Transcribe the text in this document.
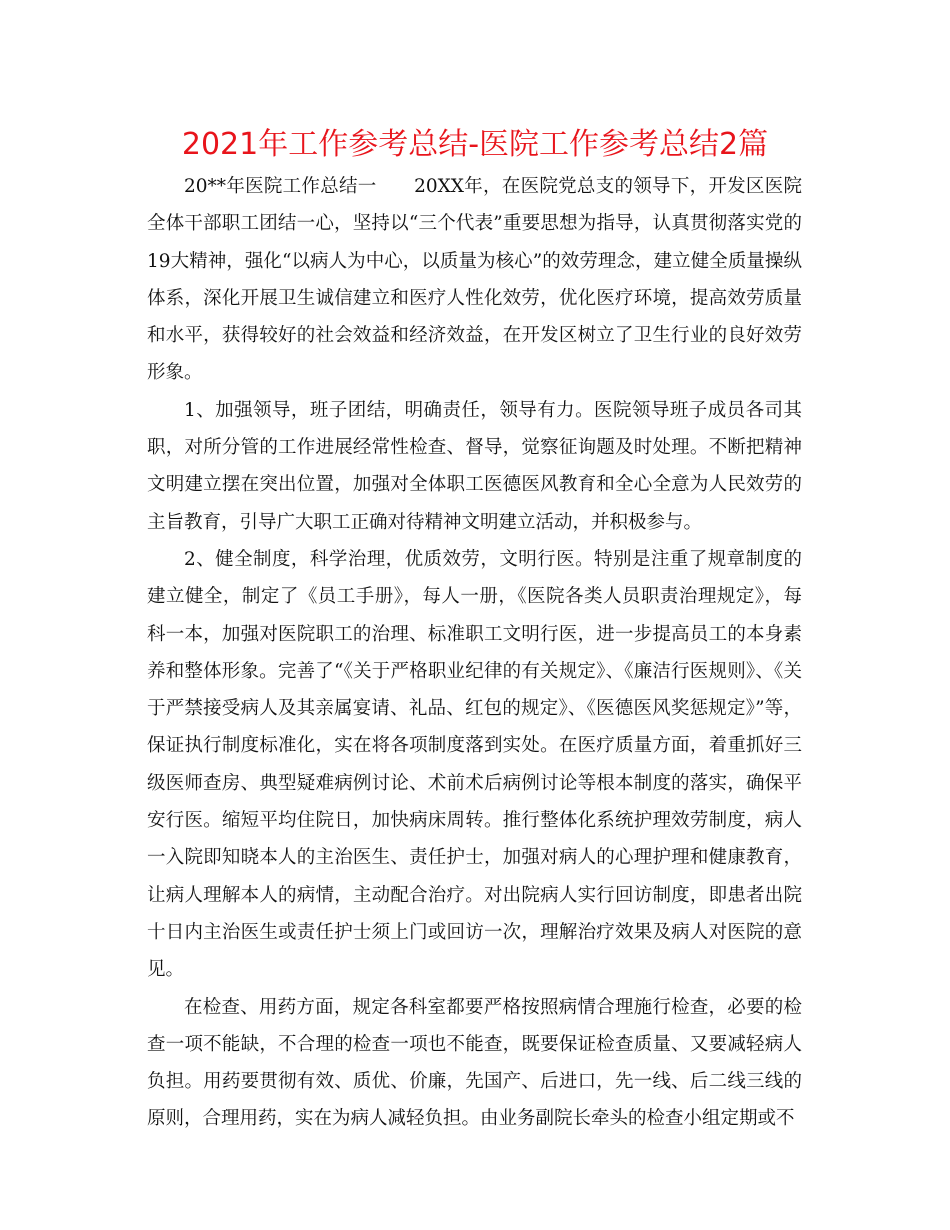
2021年工作参考总结-医院工作参考总结2篇

20**年医院工作总结一　　20XX年，在医院党总支的领导下，开发区医院全体干部职工团结一心，坚持以“三个代表”重要思想为指导，认真贯彻落实党的19大精神，强化“以病人为中心，以质量为核心”的效劳理念，建立健全质量操纵体系，深化开展卫生诚信建立和医疗人性化效劳，优化医疗环境，提高效劳质量和水平，获得较好的社会效益和经济效益，在开发区树立了卫生行业的良好效劳形象。

1、加强领导，班子团结，明确责任，领导有力。医院领导班子成员各司其职，对所分管的工作进展经常性检查、督导，觉察征询题及时处理。不断把精神文明建立摆在突出位置，加强对全体职工医德医风教育和全心全意为人民效劳的主旨教育，引导广大职工正确对待精神文明建立活动，并积极参与。

2、健全制度，科学治理，优质效劳，文明行医。特别是注重了规章制度的建立健全，制定了《员工手册》，每人一册，《医院各类人员职责治理规定》，每科一本，加强对医院职工的治理、标准职工文明行医，进一步提高员工的本身素养和整体形象。完善了“《关于严格职业纪律的有关规定》、《廉洁行医规则》、《关于严禁接受病人及其亲属宴请、礼品、红包的规定》、《医德医风奖惩规定》”等，保证执行制度标准化，实在将各项制度落到实处。在医疗质量方面，着重抓好三级医师查房、典型疑难病例讨论、术前术后病例讨论等根本制度的落实，确保平安行医。缩短平均住院日，加快病床周转。推行整体化系统护理效劳制度，病人一入院即知晓本人的主治医生、责任护士，加强对病人的心理护理和健康教育，让病人理解本人的病情，主动配合治疗。对出院病人实行回访制度，即患者出院十日内主治医生或责任护士须上门或回访一次，理解治疗效果及病人对医院的意见。

在检查、用药方面，规定各科室都要严格按照病情合理施行检查，必要的检查一项不能缺，不合理的检查一项也不能查，既要保证检查质量、又要减轻病人负担。用药要贯彻有效、质优、价廉，先国产、后进口，先一线、后二线三线的原则，合理用药，实在为病人减轻负担。由业务副院长牵头的检查小组定期或不
